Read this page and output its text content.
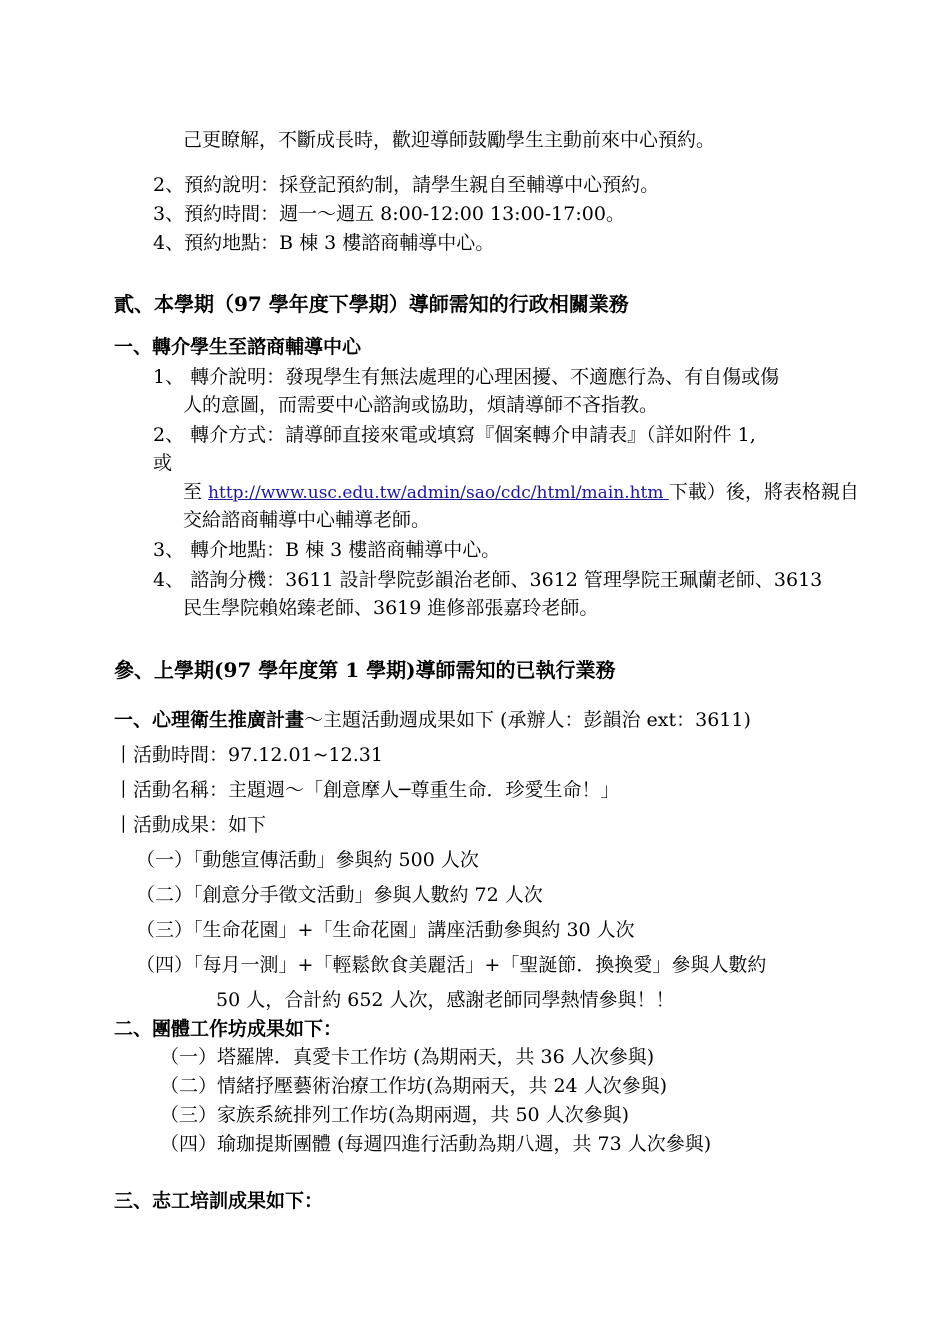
己更瞭解，不斷成長時，歡迎導師鼓勵學生主動前來中心預約。
2、預約說明：採登記預約制，請學生親自至輔導中心預約。
3、預約時間：週一～週五 8:00-12:00 13:00-17:00。
4、預約地點：B 棟 3 樓諮商輔導中心。
貳、本學期（97 學年度下學期）導師需知的行政相關業務
一、轉介學生至諮商輔導中心
1、 轉介說明：發現學生有無法處理的心理困擾、不適應行為、有自傷或傷
人的意圖，而需要中心諮詢或協助，煩請導師不吝指教。
2、 轉介方式：請導師直接來電或填寫『個案轉介申請表』（詳如附件 1,
或
至 http://www.usc.edu.tw/admin/sao/cdc/html/main.htm 下載）後，將表格親自
交給諮商輔導中心輔導老師。
3、 轉介地點：B 棟 3 樓諮商輔導中心。
4、 諮詢分機：3611 設計學院彭韻治老師、3612 管理學院王珮蘭老師、3613
民生學院賴姳臻老師、3619 進修部張嘉玲老師。
參、上學期(97 學年度第 1 學期)導師需知的已執行業務
一、心理衛生推廣計畫～主題活動週成果如下 (承辦人：彭韻治 ext：3611)
丨活動時間：97.12.01~12.31
丨活動名稱：主題週～「創意摩人─尊重生命．珍愛生命！」
丨活動成果：如下
（一）「動態宣傳活動」參與約 500 人次
（二）「創意分手徵文活動」參與人數約 72 人次
（三）「生命花園」+「生命花園」講座活動參與約 30 人次
（四）「每月一測」+「輕鬆飲食美麗活」+「聖誕節．換換愛」參與人數約
50 人，合計約 652 人次，感謝老師同學熱情參與！！
二、團體工作坊成果如下：
（一）塔羅牌．真愛卡工作坊 (為期兩天，共 36 人次參與)
（二）情緒抒壓藝術治療工作坊(為期兩天，共 24 人次參與)
（三）家族系統排列工作坊(為期兩週，共 50 人次參與)
（四）瑜珈提斯團體 (每週四進行活動為期八週，共 73 人次參與)
三、志工培訓成果如下：
